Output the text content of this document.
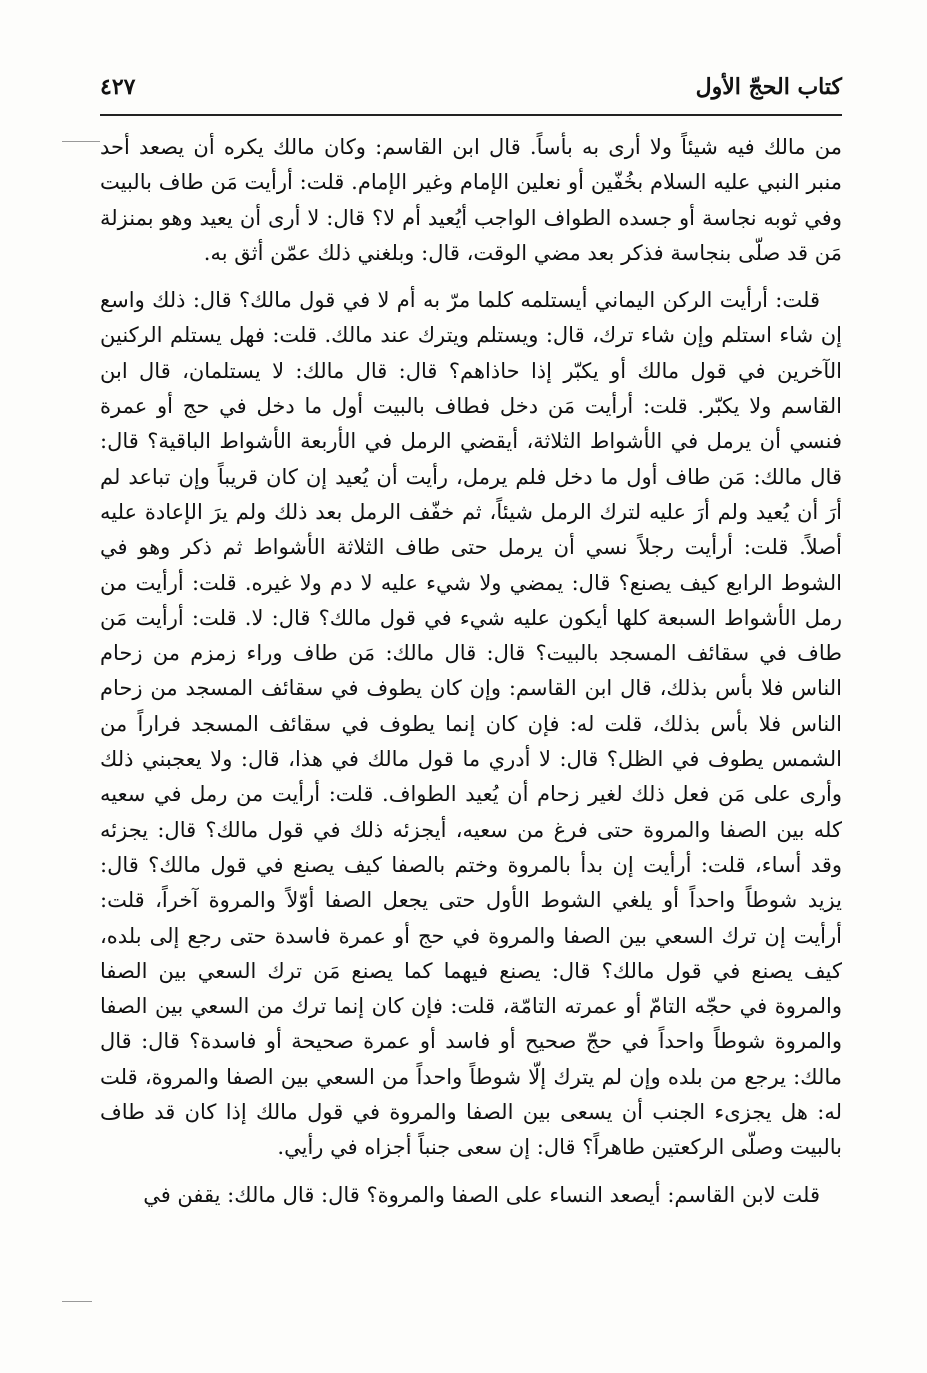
كتاب الحجّ الأول
٤٢٧

من مالك فيه شيئاً ولا أرى به بأساً. قال ابن القاسم: وكان مالك يكره أن يصعد أحد منبر النبي عليه السلام بخُفّين أو نعلين الإمام وغير الإمام. قلت: أرأيت مَن طاف بالبيت وفي ثوبه نجاسة أو جسده الطواف الواجب أيُعيد أم لا؟ قال: لا أرى أن يعيد وهو بمنزلة مَن قد صلّى بنجاسة فذكر بعد مضي الوقت، قال: وبلغني ذلك عمّن أثق به.

قلت: أرأيت الركن اليماني أيستلمه كلما مرّ به أم لا في قول مالك؟ قال: ذلك واسع إن شاء استلم وإن شاء ترك، قال: ويستلم ويترك عند مالك. قلت: فهل يستلم الركنين الآخرين في قول مالك أو يكبّر إذا حاذاهم؟ قال: قال مالك: لا يستلمان، قال ابن القاسم ولا يكبّر. قلت: أرأيت مَن دخل فطاف بالبيت أول ما دخل في حج أو عمرة فنسي أن يرمل في الأشواط الثلاثة، أيقضي الرمل في الأربعة الأشواط الباقية؟ قال: قال مالك: مَن طاف أول ما دخل فلم يرمل، رأيت أن يُعيد إن كان قريباً وإن تباعد لم أرَ أن يُعيد ولم أرَ عليه لترك الرمل شيئاً، ثم خفّف الرمل بعد ذلك ولم يرَ الإعادة عليه أصلاً. قلت: أرأيت رجلاً نسي أن يرمل حتى طاف الثلاثة الأشواط ثم ذكر وهو في الشوط الرابع كيف يصنع؟ قال: يمضي ولا شيء عليه لا دم ولا غيره. قلت: أرأيت من رمل الأشواط السبعة كلها أيكون عليه شيء في قول مالك؟ قال: لا. قلت: أرأيت مَن طاف في سقائف المسجد بالبيت؟ قال: قال مالك: مَن طاف وراء زمزم من زحام الناس فلا بأس بذلك، قال ابن القاسم: وإن كان يطوف في سقائف المسجد من زحام الناس فلا بأس بذلك، قلت له: فإن كان إنما يطوف في سقائف المسجد فراراً من الشمس يطوف في الظل؟ قال: لا أدري ما قول مالك في هذا، قال: ولا يعجبني ذلك وأرى على مَن فعل ذلك لغير زحام أن يُعيد الطواف. قلت: أرأيت من رمل في سعيه كله بين الصفا والمروة حتى فرغ من سعيه، أيجزئه ذلك في قول مالك؟ قال: يجزئه وقد أساء، قلت: أرأيت إن بدأ بالمروة وختم بالصفا كيف يصنع في قول مالك؟ قال: يزيد شوطاً واحداً أو يلغي الشوط الأول حتى يجعل الصفا أوّلاً والمروة آخراً، قلت: أرأيت إن ترك السعي بين الصفا والمروة في حج أو عمرة فاسدة حتى رجع إلى بلده، كيف يصنع في قول مالك؟ قال: يصنع فيهما كما يصنع مَن ترك السعي بين الصفا والمروة في حجّه التامّ أو عمرته التامّة، قلت: فإن كان إنما ترك من السعي بين الصفا والمروة شوطاً واحداً في حجّ صحيح أو فاسد أو عمرة صحيحة أو فاسدة؟ قال: قال مالك: يرجع من بلده وإن لم يترك إلّا شوطاً واحداً من السعي بين الصفا والمروة، قلت له: هل يجزىء الجنب أن يسعى بين الصفا والمروة في قول مالك إذا كان قد طاف بالبيت وصلّى الركعتين طاهراً؟ قال: إن سعى جنباً أجزاه في رأيي.

قلت لابن القاسم: أيصعد النساء على الصفا والمروة؟ قال: قال مالك: يقفن في
